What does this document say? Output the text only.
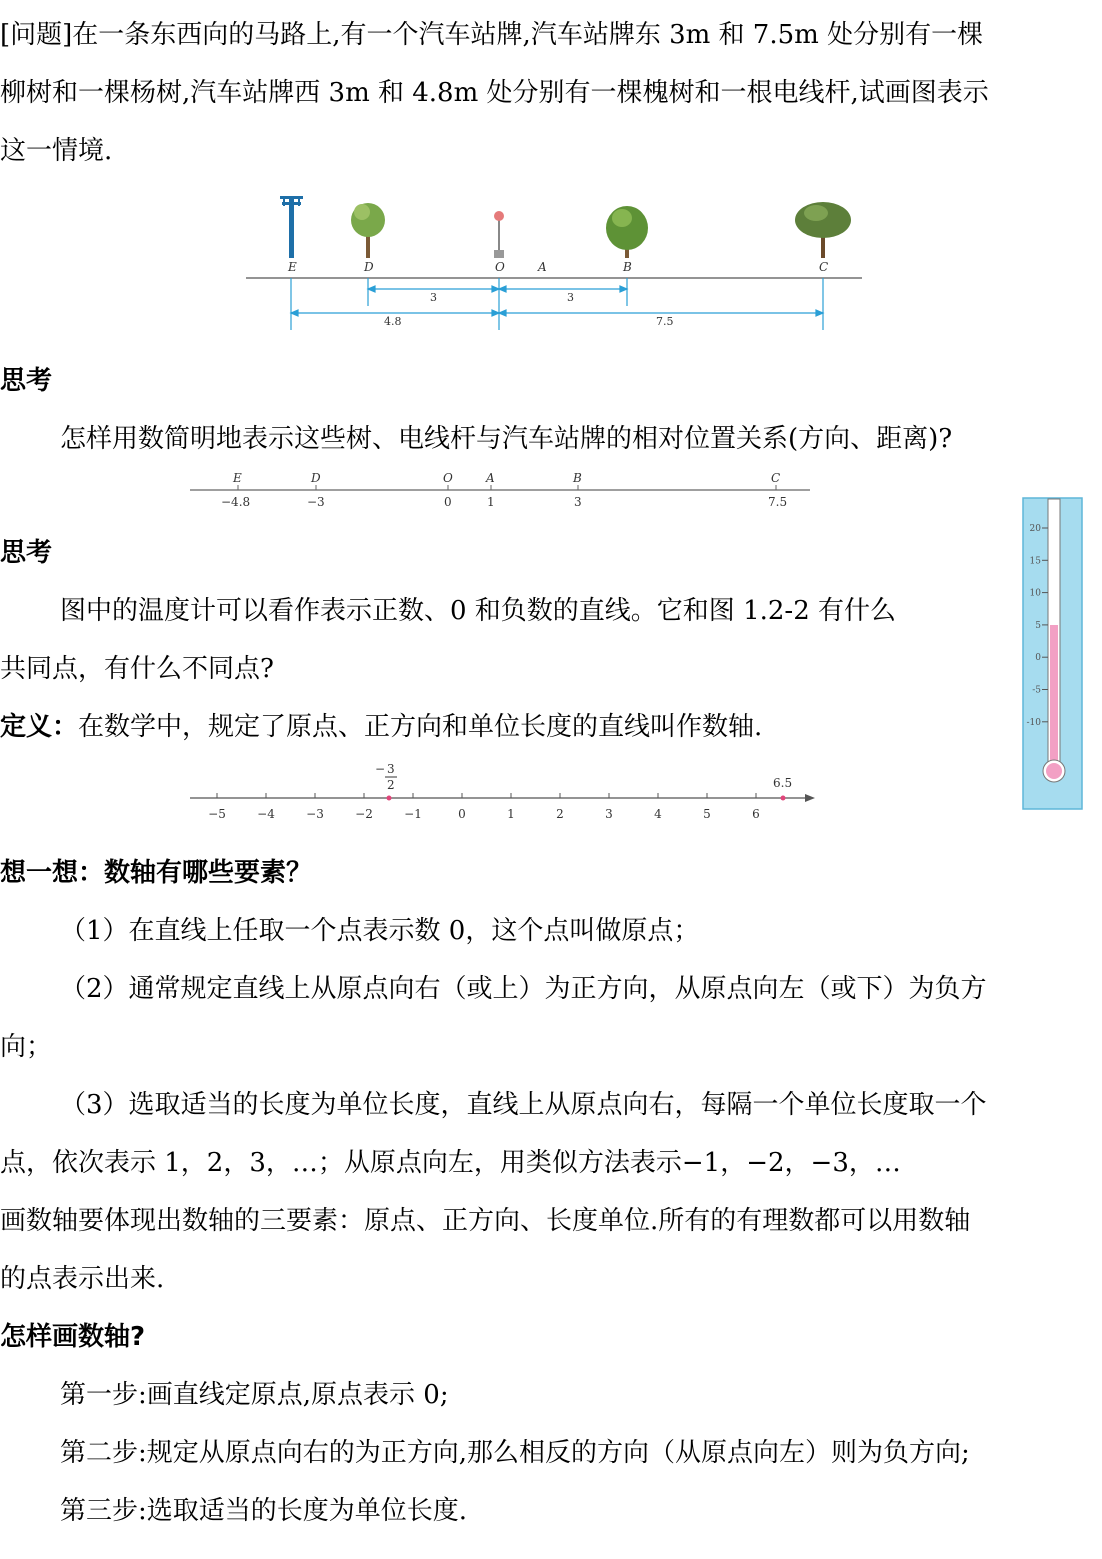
[问题]在一条东西向的马路上,有一个汽车站牌,汽车站牌东 3m 和 7.5m 处分别有一棵
柳树和一棵杨树,汽车站牌西 3m 和 4.8m 处分别有一棵槐树和一根电线杆,试画图表示
这一情境.
E	D	O	A	B	C
3	3
4.8	7.5
思考
怎样用数简明地表示这些树、电线杆与汽车站牌的相对位置关系(方向、距离)?
E	D	O	A	B	C
−4.8	−3	0	1	3	7.5
思考
图中的温度计可以看作表示正数、0 和负数的直线。它和图 1.2-2 有什么
共同点，有什么不同点?
20
15
10
5
0
-5
-10
定义：在数学中，规定了原点、正方向和单位长度的直线叫作数轴.
−5	−4	−3	−2	−1	0	1	2	3	4	5	6
− 3
2	6.5
想一想：数轴有哪些要素？
（1）在直线上任取一个点表示数 0，这个点叫做原点；
（2）通常规定直线上从原点向右（或上）为正方向，从原点向左（或下）为负方
向；
（3）选取适当的长度为单位长度，直线上从原点向右，每隔一个单位长度取一个
点，依次表示 1，2，3，…；从原点向左，用类似方法表示−1，−2，−3，…
画数轴要体现出数轴的三要素：原点、正方向、长度单位.所有的有理数都可以用数轴
的点表示出来.
怎样画数轴?
第一步:画直线定原点,原点表示 0;
第二步:规定从原点向右的为正方向,那么相反的方向（从原点向左）则为负方向;
第三步:选取适当的长度为单位长度.
